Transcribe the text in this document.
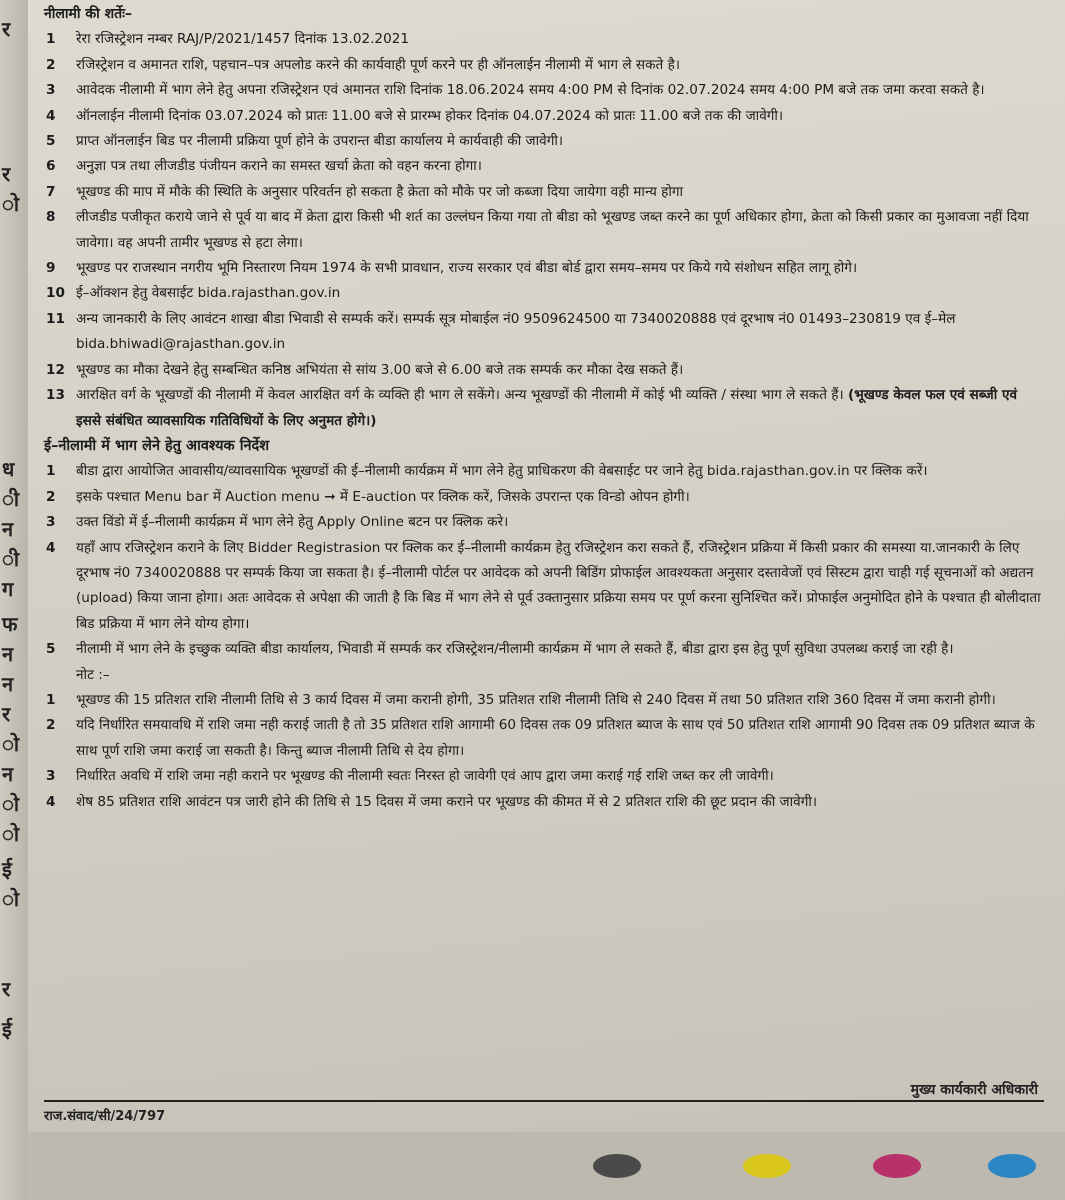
र
र
ो
ध
ी
न
ी
ग
फ
न
न
र
ो
न
ो
ो
ई
ो
र
ई
नीलामी की शर्तेः–
1 रेरा रजिस्ट्रेशन नम्बर RAJ/P/2021/1457 दिनांक 13.02.2021
2 रजिस्ट्रेशन व अमानत राशि, पहचान–पत्र अपलोड करने की कार्यवाही पूर्ण करने पर ही ऑनलाईन नीलामी में भाग ले सकते है।
3 आवेदक नीलामी में भाग लेने हेतु अपना रजिस्ट्रेशन एवं अमानत राशि दिनांक 18.06.2024 समय 4:00 PM से दिनांक 02.07.2024 समय 4:00 PM बजे तक जमा करवा सकते है।
4 ऑनलाईन नीलामी दिनांक 03.07.2024 को प्रातः 11.00 बजे से प्रारम्भ होकर दिनांक 04.07.2024 को प्रातः 11.00 बजे तक की जावेगी।
5 प्राप्त ऑनलाईन बिड पर नीलामी प्रक्रिया पूर्ण होने के उपरान्त बीडा कार्यालय मे कार्यवाही की जावेगी।
6 अनुज्ञा पत्र तथा लीजडीड पंजीयन कराने का समस्त खर्चा क्रेता को वहन करना होगा।
7 भूखण्ड की माप में मौके की स्थिति के अनुसार परिवर्तन हो सकता है क्रेता को मौके पर जो कब्जा दिया जायेगा वही मान्य होगा
8 लीजडीड पजीकृत कराये जाने से पूर्व या बाद में क्रेता द्वारा किसी भी शर्त का उल्लंघन किया गया तो बीडा को भूखण्ड जब्त करने का पूर्ण अधिकार होगा, क्रेता को किसी प्रकार का मुआवजा नहीं दिया जावेगा। वह अपनी तामीर भूखण्ड से हटा लेगा।
9 भूखण्ड पर राजस्थान नगरीय भूमि निस्तारण नियम 1974 के सभी प्रावधान, राज्य सरकार एवं बीडा बोर्ड द्वारा समय–समय पर किये गये संशोधन सहित लागू होगे।
10 ई–ऑक्शन हेतु वेबसाईट bida.rajasthan.gov.in
11 अन्य जानकारी के लिए आवंटन शाखा बीडा भिवाडी से सम्पर्क करें। सम्पर्क सूत्र मोबाईल नं0 9509624500 या 7340020888 एवं दूरभाष नं0 01493–230819 एव ई–मेल bida.bhiwadi@rajasthan.gov.in
12 भूखण्ड का मौका देखने हेतु सम्बन्धित कनिष्ठ अभियंता से सांय 3.00 बजे से 6.00 बजे तक सम्पर्क कर मौका देख सकते हैं।
13 आरक्षित वर्ग के भूखण्डों की नीलामी में केवल आरक्षित वर्ग के व्यक्ति ही भाग ले सकेंगे। अन्य भूखण्डों की नीलामी में कोई भी व्यक्ति / संस्था भाग ले सकते हैं। (भूखण्ड केवल फल एवं सब्जी एवं इससे संबंधित व्यावसायिक गतिविधियों के लिए अनुमत होगे।)
ई–नीलामी में भाग लेने हेतु आवश्यक निर्देश
1 बीडा द्वारा आयोजित आवासीय/व्यावसायिक भूखण्डों की ई–नीलामी कार्यक्रम में भाग लेने हेतु प्राधिकरण की वेबसाईट पर जाने हेतु bida.rajasthan.gov.in पर क्लिक करें।
2 इसके पश्चात Menu bar में Auction menu ➞ में E-auction पर क्लिक करें, जिसके उपरान्त एक विन्डो ओपन होगी।
3 उक्त विंडो में ई–नीलामी कार्यक्रम में भाग लेने हेतु Apply Online बटन पर क्लिक करे।
4 यहाँ आप रजिस्ट्रेशन कराने के लिए Bidder Registrasion पर क्लिक कर ई–नीलामी कार्यक्रम हेतु रजिस्ट्रेशन करा सकते हैं, रजिस्ट्रेशन प्रक्रिया में किसी प्रकार की समस्या या.जानकारी के लिए दूरभाष नं0 7340020888 पर सम्पर्क किया जा सकता है। ई–नीलामी पोर्टल पर आवेदक को अपनी बिडिंग प्रोफाईल आवश्यकता अनुसार दस्तावेजों एवं सिस्टम द्वारा चाही गई सूचनाओं को अद्यतन (upload) किया जाना होगा। अतः आवेदक से अपेक्षा की जाती है कि बिड में भाग लेने से पूर्व उक्तानुसार प्रक्रिया समय पर पूर्ण करना सुनिश्चित करें। प्रोफाईल अनुमोदित होने के पश्चात ही बोलीदाता बिड प्रक्रिया में भाग लेने योग्य होगा।
5 नीलामी में भाग लेने के इच्छुक व्यक्ति बीडा कार्यालय, भिवाडी में सम्पर्क कर रजिस्ट्रेशन/नीलामी कार्यक्रम में भाग ले सकते हैं, बीडा द्वारा इस हेतु पूर्ण सुविधा उपलब्ध कराई जा रही है।
नोट :–
1 भूखण्ड की 15 प्रतिशत राशि नीलामी तिथि से 3 कार्य दिवस में जमा करानी होगी, 35 प्रतिशत राशि नीलामी तिथि से 240 दिवस में तथा 50 प्रतिशत राशि 360 दिवस में जमा करानी होगी।
2 यदि निर्धारित समयावधि में राशि जमा नही कराई जाती है तो 35 प्रतिशत राशि आगामी 60 दिवस तक 09 प्रतिशत ब्याज के साथ एवं 50 प्रतिशत राशि आगामी 90 दिवस तक 09 प्रतिशत ब्याज के साथ पूर्ण राशि जमा कराई जा सकती है। किन्तु ब्याज नीलामी तिथि से देय होगा।
3 निर्धारित अवधि में राशि जमा नही कराने पर भूखण्ड की नीलामी स्वतः निरस्त हो जावेगी एवं आप द्वारा जमा कराई गई राशि जब्त कर ली जावेगी।
4 शेष 85 प्रतिशत राशि आवंटन पत्र जारी होने की तिथि से 15 दिवस में जमा कराने पर भूखण्ड की कीमत में से 2 प्रतिशत राशि की छूट प्रदान की जावेगी।
राज.संवाद/सी/24/797
मुख्य कार्यकारी अधिकारी
